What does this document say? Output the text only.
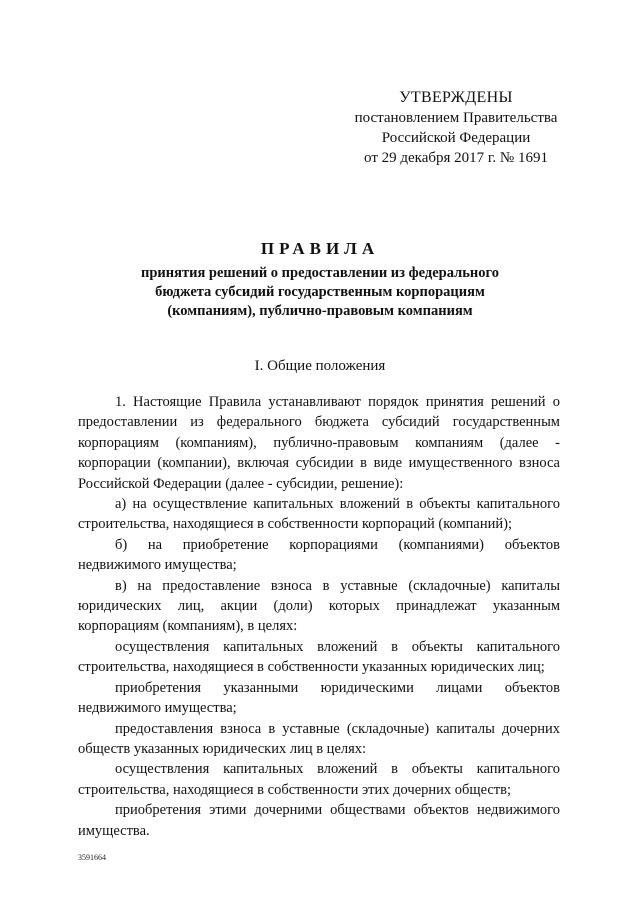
УТВЕРЖДЕНЫ
постановлением Правительства
Российской Федерации
от 29 декабря 2017 г. № 1691
ПРАВИЛА
принятия решений о предоставлении из федерального
бюджета субсидий государственным корпорациям
(компаниям), публично-правовым компаниям
I. Общие положения

1. Настоящие Правила устанавливают порядок принятия решений о предоставлении из федерального бюджета субсидий государственным корпорациям (компаниям), публично-правовым компаниям (далее - корпорации (компании), включая субсидии в виде имущественного взноса Российской Федерации (далее - субсидии, решение):

а) на осуществление капитальных вложений в объекты капитального строительства, находящиеся в собственности корпораций (компаний);

б) на приобретение корпорациями (компаниями) объектов недвижимого имущества;

в) на предоставление взноса в уставные (складочные) капиталы юридических лиц, акции (доли) которых принадлежат указанным корпорациям (компаниям), в целях:

осуществления капитальных вложений в объекты капитального строительства, находящиеся в собственности указанных юридических лиц;

приобретения указанными юридическими лицами объектов недвижимого имущества;

предоставления взноса в уставные (складочные) капиталы дочерних обществ указанных юридических лиц в целях:

осуществления капитальных вложений в объекты капитального строительства, находящиеся в собственности этих дочерних обществ;

приобретения этими дочерними обществами объектов недвижимого имущества.

3591664
